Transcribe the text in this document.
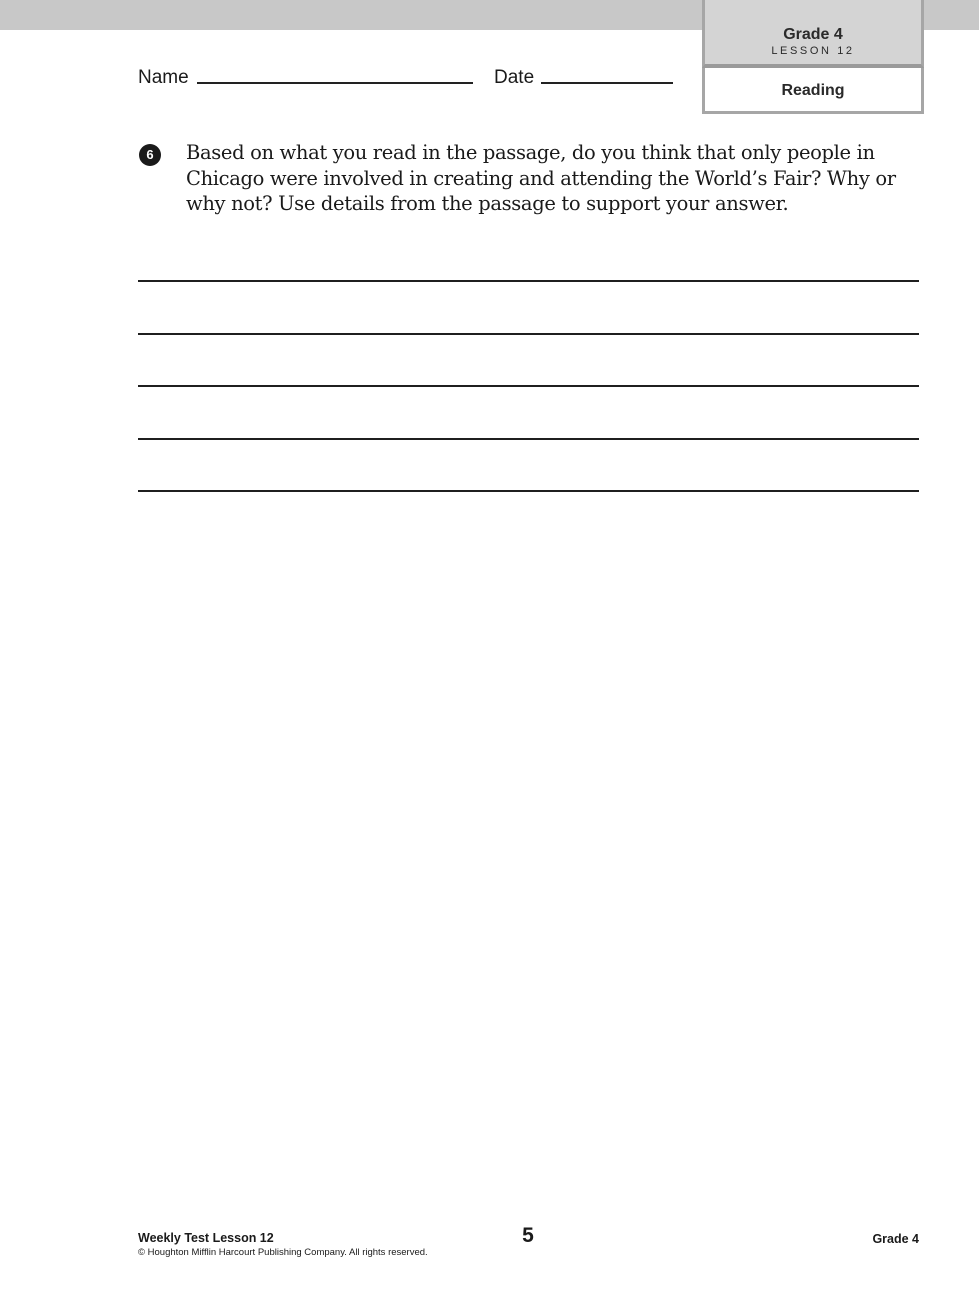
Grade 4
LESSON 12
Reading
Name	Date
6	Based on what you read in the passage, do you think that only people in Chicago were involved in creating and attending the World’s Fair? Why or why not? Use details from the passage to support your answer.
Weekly Test Lesson 12
© Houghton Mifflin Harcourt Publishing Company. All rights reserved.
5	Grade 4
